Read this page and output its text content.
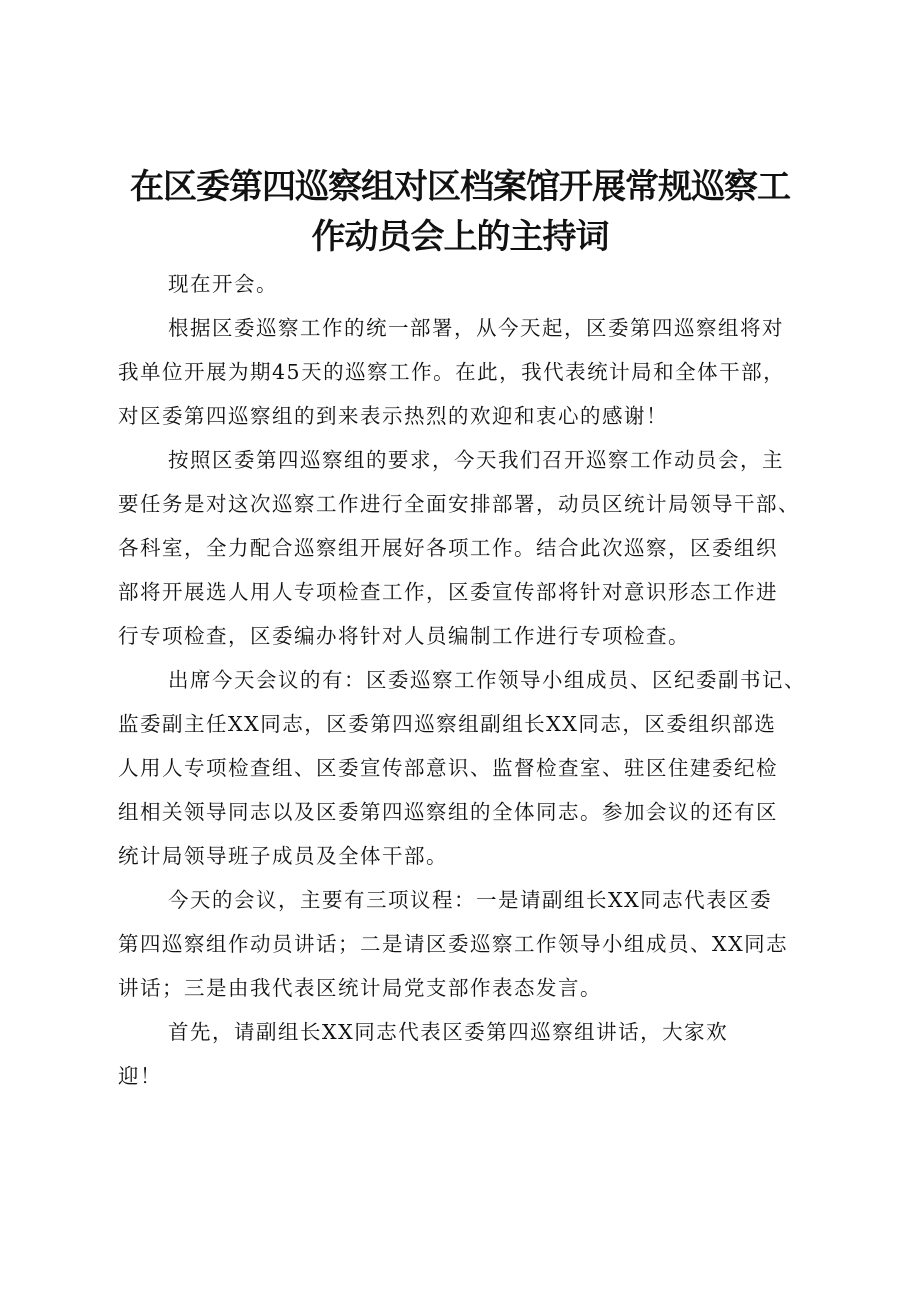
在区委第四巡察组对区档案馆开展常规巡察工
作动员会上的主持词
现在开会。
根据区委巡察工作的统一部署，从今天起，区委第四巡察组将对
我单位开展为期45天的巡察工作。在此，我代表统计局和全体干部，
对区委第四巡察组的到来表示热烈的欢迎和衷心的感谢！
按照区委第四巡察组的要求，今天我们召开巡察工作动员会，主
要任务是对这次巡察工作进行全面安排部署，动员区统计局领导干部、
各科室，全力配合巡察组开展好各项工作。结合此次巡察，区委组织
部将开展选人用人专项检查工作，区委宣传部将针对意识形态工作进
行专项检查，区委编办将针对人员编制工作进行专项检查。
出席今天会议的有：区委巡察工作领导小组成员、区纪委副书记、
监委副主任XX同志，区委第四巡察组副组长XX同志，区委组织部选
人用人专项检查组、区委宣传部意识、监督检查室、驻区住建委纪检
组相关领导同志以及区委第四巡察组的全体同志。参加会议的还有区
统计局领导班子成员及全体干部。
今天的会议，主要有三项议程：一是请副组长XX同志代表区委
第四巡察组作动员讲话；二是请区委巡察工作领导小组成员、XX同志
讲话；三是由我代表区统计局党支部作表态发言。
首先，请副组长XX同志代表区委第四巡察组讲话，大家欢
迎！
